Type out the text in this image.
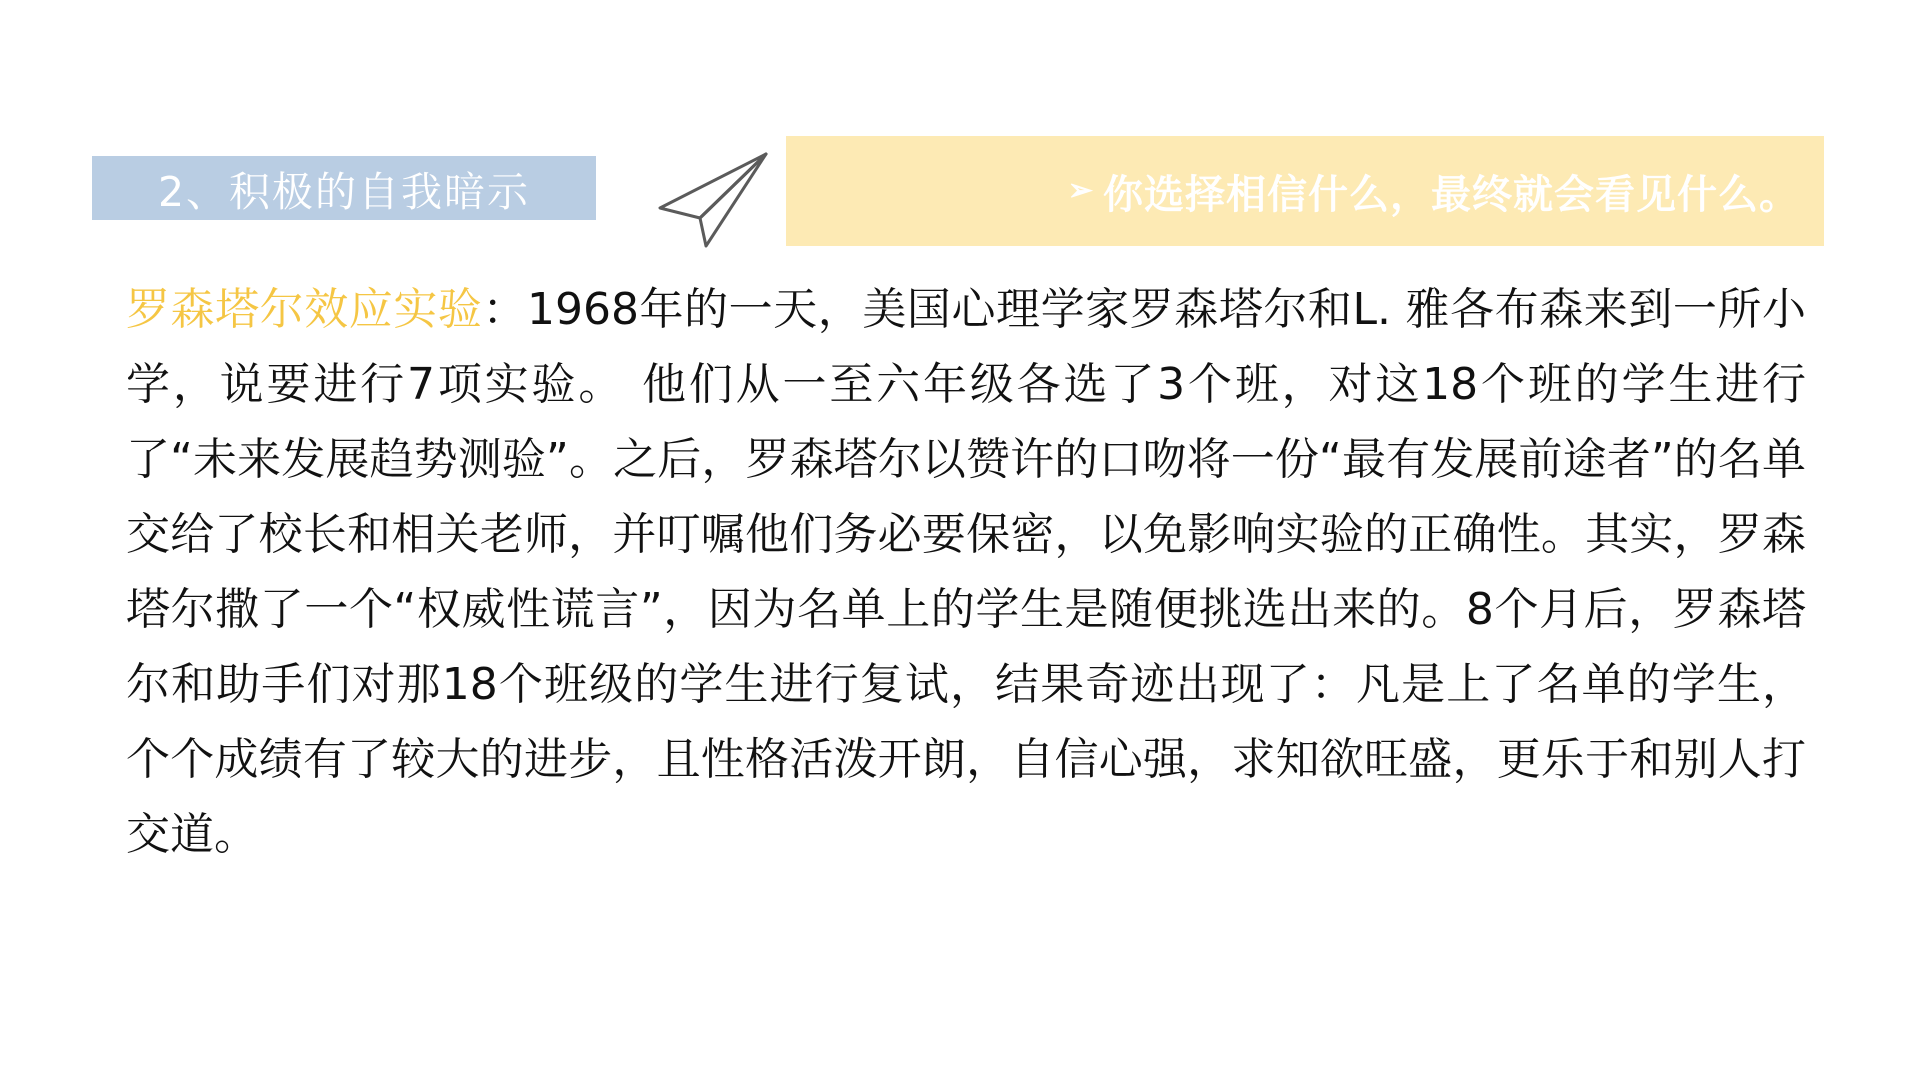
2、积极的自我暗示	➢ 你选择相信什么，最终就会看见什么。

罗森塔尔效应实验：1968年的一天，美国心理学家罗森塔尔和L. 雅各布森来到一所小学，说要进行7项实验。 他们从一至六年级各选了3个班，对这18个班的学生进行了“未来发展趋势测验”。之后，罗森塔尔以赞许的口吻将一份“最有发展前途者”的名单交给了校长和相关老师，并叮嘱他们务必要保密，以免影响实验的正确性。其实，罗森塔尔撒了一个“权威性谎言”，因为名单上的学生是随便挑选出来的。8个月后，罗森塔尔和助手们对那18个班级的学生进行复试，结果奇迹出现了：凡是上了名单的学生，个个成绩有了较大的进步，且性格活泼开朗，自信心强，求知欲旺盛，更乐于和别人打交道。
